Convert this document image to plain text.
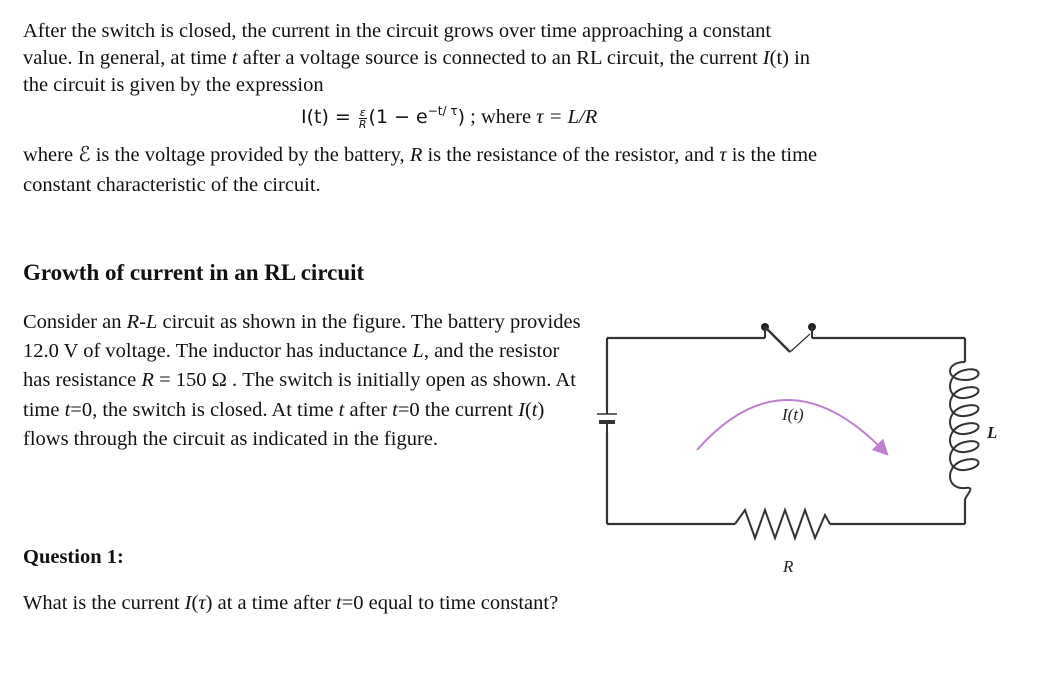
After the switch is closed, the current in the circuit grows over time approaching a constant
value. In general, at time t after a voltage source is connected to an RL circuit, the current I(t) in
the circuit is given by the expression
$I(t) = \frac{\varepsilon}{R} (1 - e^{-t/ \tau})$ ; where τ = L/R
where ℰ is the voltage provided by the battery, R is the resistance of the resistor, and τ is the time
constant characteristic of the circuit.
Growth of current in an RL circuit
Consider an R-L circuit as shown in the figure. The battery provides 12.0 V of voltage. The inductor has inductance L, and the resistor has resistance R = 150 Ω . The switch is initially open as shown. At time t=0, the switch is closed. At time t after t=0 the current I(t) flows through the circuit as indicated in the figure.
Question 1:
What is the current I(τ) at a time after t=0 equal to time constant?
I(t)
R
L
